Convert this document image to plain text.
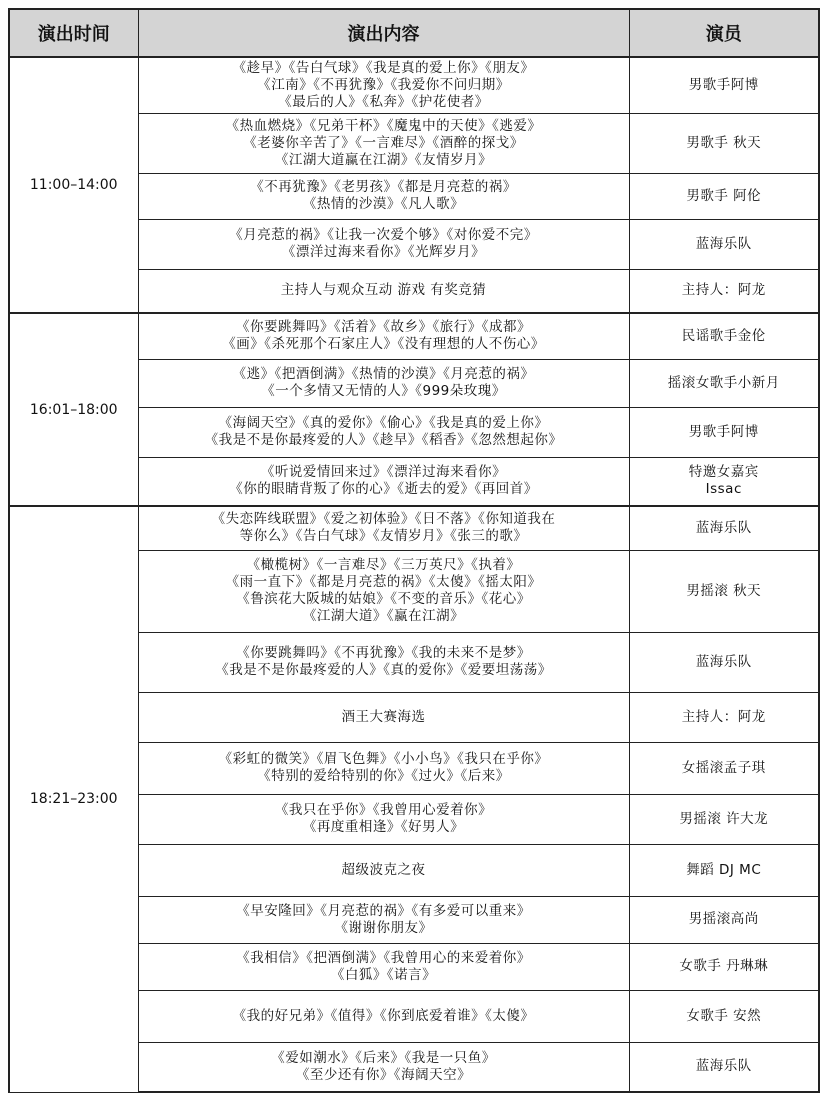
演出时间	演出内容	演员
11:00–14:00	《趁早》《告白气球》《我是真的爱上你》《朋友》
《江南》《不再犹豫》《我爱你不问归期》
《最后的人》《私奔》《护花使者》	男歌手阿博

	《热血燃烧》《兄弟干杯》《魔鬼中的天使》《逃爱》
《老婆你辛苦了》《一言难尽》《酒醉的探戈》
《江湖大道赢在江湖》《友情岁月》	男歌手 秋天

	《不再犹豫》《老男孩》《都是月亮惹的祸》
《热情的沙漠》《凡人歌》	男歌手 阿伦

	《月亮惹的祸》《让我一次爱个够》《对你爱不完》
《漂洋过海来看你》《光辉岁月》	蓝海乐队

	主持人与观众互动 游戏 有奖竞猜	主持人：阿龙

16:01–18:00	《你要跳舞吗》《活着》《故乡》《旅行》《成都》
《画》《杀死那个石家庄人》《没有理想的人不伤心》	民谣歌手金伦

	《逃》《把酒倒满》《热情的沙漠》《月亮惹的祸》
《一个多情又无情的人》《999朵玫瑰》	摇滚女歌手小新月

	《海阔天空》《真的爱你》《偷心》《我是真的爱上你》
《我是不是你最疼爱的人》《趁早》《稻香》《忽然想起你》	男歌手阿博

	《听说爱情回来过》《漂洋过海来看你》
《你的眼睛背叛了你的心》《逝去的爱》《再回首》	特邀女嘉宾
Issac

18:21–23:00	《失恋阵线联盟》《爱之初体验》《日不落》《你知道我在
等你么》《告白气球》《友情岁月》《张三的歌》	蓝海乐队

	《橄榄树》《一言难尽》《三万英尺》《执着》
《雨一直下》《都是月亮惹的祸》《太傻》《摇太阳》
《鲁滨花大阪城的姑娘》《不变的音乐》《花心》
《江湖大道》《赢在江湖》	男摇滚 秋天

	《你要跳舞吗》《不再犹豫》《我的未来不是梦》
《我是不是你最疼爱的人》《真的爱你》《爱要坦荡荡》	蓝海乐队

	酒王大赛海选	主持人：阿龙

	《彩虹的微笑》《眉飞色舞》《小小鸟》《我只在乎你》
《特别的爱给特别的你》《过火》《后来》	女摇滚孟子琪

	《我只在乎你》《我曾用心爱着你》
《再度重相逢》《好男人》	男摇滚 许大龙

	超级波克之夜	舞蹈 DJ MC

	《早安隆回》《月亮惹的祸》《有多爱可以重来》
《谢谢你朋友》	男摇滚高尚

	《我相信》《把酒倒满》《我曾用心的来爱着你》
《白狐》《诺言》	女歌手 丹琳琳

	《我的好兄弟》《值得》《你到底爱着谁》《太傻》	女歌手 安然

	《爱如潮水》《后来》《我是一只鱼》
《至少还有你》《海阔天空》	蓝海乐队
